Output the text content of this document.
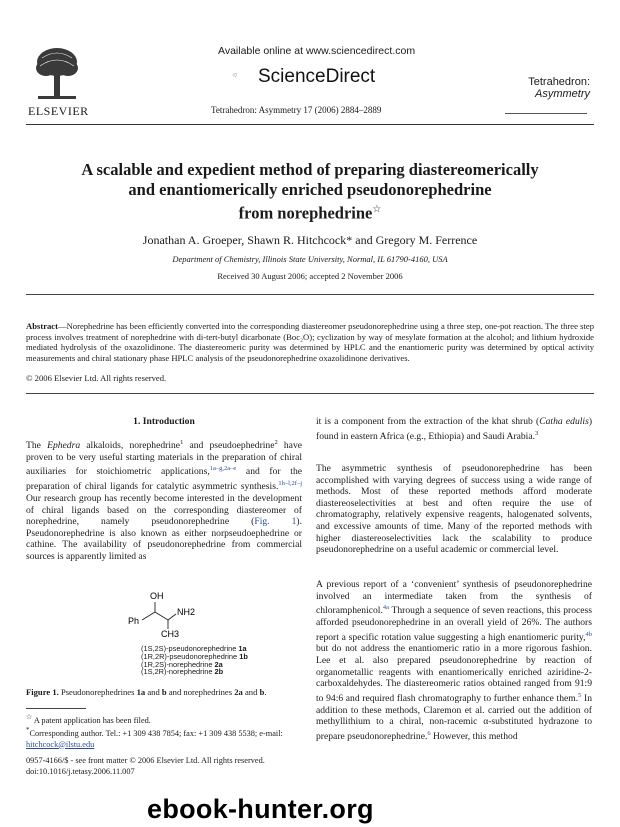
ELSEVIER
Available online at www.sciencedirect.com
ScienceDirect
Tetrahedron: Asymmetry 17 (2006) 2884–2889
Tetrahedron:
Asymmetry
A scalable and expedient method of preparing diastereomerically
and enantiomerically enriched pseudonorephedrine
from norephedrine☆
Jonathan A. Groeper, Shawn R. Hitchcock* and Gregory M. Ferrence
Department of Chemistry, Illinois State University, Normal, IL 61790-4160, USA
Received 30 August 2006; accepted 2 November 2006
Abstract—Norephedrine has been efficiently converted into the corresponding diastereomer pseudonorephedrine using a three step, one-pot reaction. The three step process involves treatment of norephedrine with di-tert-butyl dicarbonate (Boc₂O); cyclization by way of mesylate formation at the alcohol; and lithium hydroxide mediated hydrolysis of the oxazolidinone. The diastereomeric purity was determined by HPLC and the enantiomeric purity was determined by optical activity measurements and chiral stationary phase HPLC analysis of the pseudonorephedrine oxazolidinone derivatives.
© 2006 Elsevier Ltd. All rights reserved.
1. Introduction

The Ephedra alkaloids, norephedrine$^1$ and pseudoephedrine$^2$ have proven to be very useful starting materials in the preparation of chiral auxiliaries for stoichiometric applications,$^{1a-g,2a-e}$ and for the preparation of chiral ligands for catalytic asymmetric synthesis.$^{1h-l,2f-j}$ Our research group has recently become interested in the development of chiral ligands based on the corresponding diastereomer of norephedrine, namely pseudonorephedrine (Fig. 1). Pseudonorephedrine is also known as either norpseudoephedrine or cathine. The availability of pseudonorephedrine from commercial sources is apparently limited as

OH
NH2
Ph
CH3
(1S,2S)-pseudonorephedrine 1a
(1R,2R)-pseudonorephedrine 1b
(1R,2S)-norephedrine 2a
(1S,2R)-norephedrine 2b
Figure 1. Pseudonorephedrines 1a and b and norephedrines 2a and b.
☆ A patent application has been filed.
*Corresponding author. Tel.: +1 309 438 7854; fax: +1 309 438 5538; e-mail: hitchcock@ilstu.edu
0957-4166/$ - see front matter © 2006 Elsevier Ltd. All rights reserved.
doi:10.1016/j.tetasy.2006.11.007

it is a component from the extraction of the khat shrub (Catha edulis) found in eastern Africa (e.g., Ethiopia) and Saudi Arabia.$^3$

The asymmetric synthesis of pseudonorephedrine has been accomplished with varying degrees of success using a wide range of methods. Most of these reported methods afford moderate diastereoselectivities at best and often require the use of chromatography, relatively expensive reagents, halogenated solvents, and excessive amounts of time. Many of the reported methods with higher diastereoselectivities lack the scalability to produce pseudonorephedrine on a useful academic or commercial level.

A previous report of a ‘convenient’ synthesis of pseudonorephedrine involved an intermediate taken from the synthesis of chloramphenicol.$^{4a}$ Through a sequence of seven reactions, this process afforded pseudonorephedrine in an overall yield of 26%. The authors report a specific rotation value suggesting a high enantiomeric purity,$^{4b}$ but do not address the enantiomeric ratio in a more rigorous fashion. Lee et al. also prepared pseudonorephedrine by reaction of organometallic reagents with enantiomerically enriched aziridine-2-carboxaldehydes. The diastereomeric ratios obtained ranged from 91:9 to 94:6 and required flash chromatography to further enhance them.$^5$ In addition to these methods, Claremon et al. carried out the addition of methyllithium to a chiral, non-racemic α-substituted hydrazone to prepare pseudonorephedrine.$^6$ However, this method

ebook-hunter.org
